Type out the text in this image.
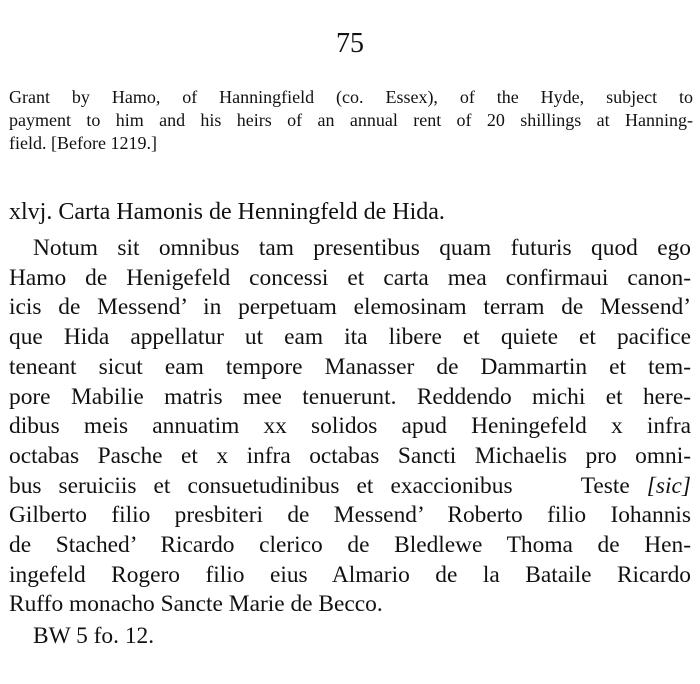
75
Grant by Hamo, of Hanningfield (co. Essex), of the Hyde, subject to
payment to him and his heirs of an annual rent of 20 shillings at Hanning-
field. [Before 1219.]
xlvj. Carta Hamonis de Henningfeld de Hida.
Notum sit omnibus tam presentibus quam futuris quod ego
Hamo de Henigefeld concessi et carta mea confirmaui canon-
icis de Messend’ in perpetuam elemosinam terram de Messend’
que Hida appellatur ut eam ita libere et quiete et pacifice
teneant sicut eam tempore Manasser de Dammartin et tem-
pore Mabilie matris mee tenuerunt. Reddendo michi et here-
dibus meis annuatim xx solidos apud Heningefeld x infra
octabas Pasche et x infra octabas Sancti Michaelis pro omni-
bus seruiciis et consuetudinibus et exaccionibus	Teste [sic]
Gilberto filio presbiteri de Messend’ Roberto filio Iohannis
de Stached’ Ricardo clerico de Bledlewe Thoma de Hen-
ingefeld Rogero filio eius Almario de la Bataile Ricardo
Ruffo monacho Sancte Marie de Becco.
BW 5 fo. 12.
